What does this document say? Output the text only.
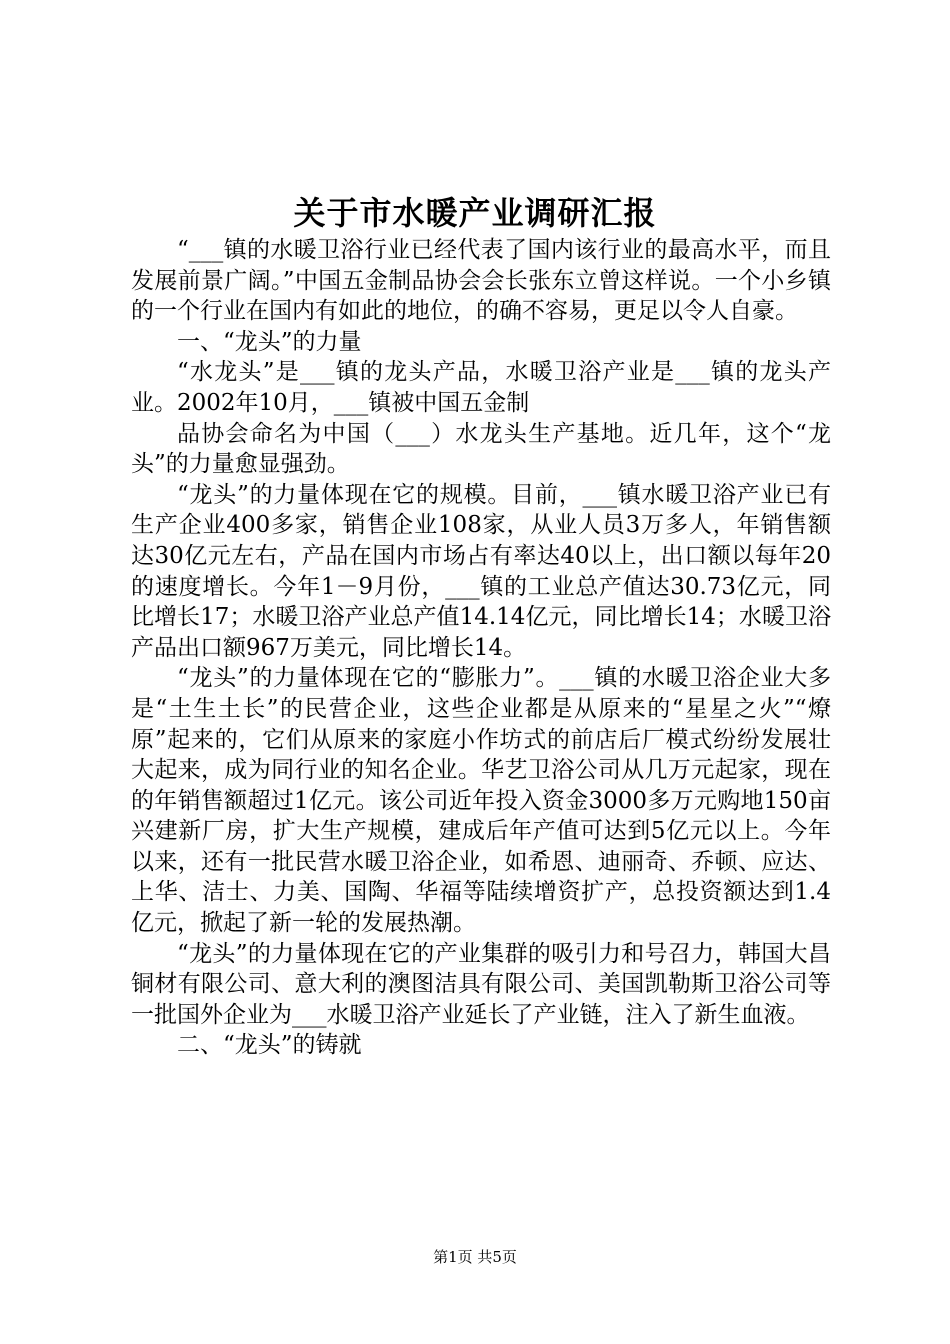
关于市水暖产业调研汇报

“___镇的水暖卫浴行业已经代表了国内该行业的最高水平，而且发展前景广阔。”中国五金制品协会会长张东立曾这样说。一个小乡镇的一个行业在国内有如此的地位，的确不容易，更足以令人自豪。

一、“龙头”的力量

“水龙头”是___镇的龙头产品，水暖卫浴产业是___镇的龙头产业。2002年10月，___镇被中国五金制

品协会命名为中国（___）水龙头生产基地。近几年，这个“龙头”的力量愈显强劲。

“龙头”的力量体现在它的规模。目前，___镇水暖卫浴产业已有生产企业400多家，销售企业108家，从业人员3万多人，年销售额达30亿元左右，产品在国内市场占有率达40以上，出口额以每年20的速度增长。今年1－9月份，___镇的工业总产值达30.73亿元，同比增长17；水暖卫浴产业总产值14.14亿元，同比增长14；水暖卫浴产品出口额967万美元，同比增长14。

“龙头”的力量体现在它的“膨胀力”。___镇的水暖卫浴企业大多是“土生土长”的民营企业，这些企业都是从原来的“星星之火”“燎原”起来的，它们从原来的家庭小作坊式的前店后厂模式纷纷发展壮大起来，成为同行业的知名企业。华艺卫浴公司从几万元起家，现在的年销售额超过1亿元。该公司近年投入资金3000多万元购地150亩兴建新厂房，扩大生产规模，建成后年产值可达到5亿元以上。今年以来，还有一批民营水暖卫浴企业，如希恩、迪丽奇、乔顿、应达、上华、洁士、力美、国陶、华福等陆续增资扩产，总投资额达到1.4亿元，掀起了新一轮的发展热潮。

“龙头”的力量体现在它的产业集群的吸引力和号召力，韩国大昌铜材有限公司、意大利的澳图洁具有限公司、美国凯勒斯卫浴公司等一批国外企业为___水暖卫浴产业延长了产业链，注入了新生血液。

二、“龙头”的铸就

第1页 共5页
